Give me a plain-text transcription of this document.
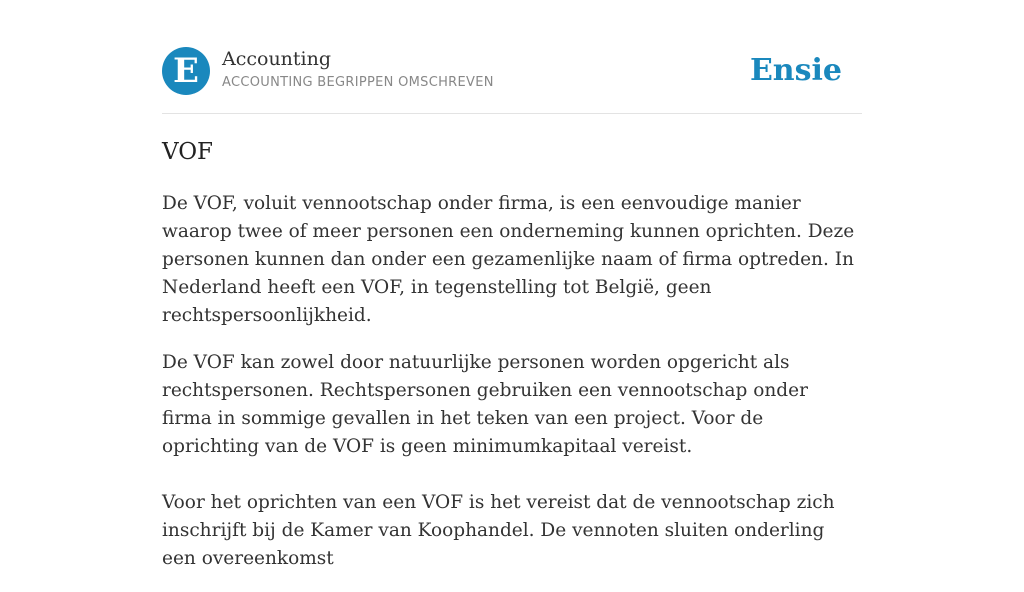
E	Accounting
ACCOUNTING BEGRIPPEN OMSCHREVEN	Ensie
VOF

De VOF, voluit vennootschap onder firma, is een eenvoudige manier waarop twee of meer personen een onderneming kunnen oprichten. Deze personen kunnen dan onder een gezamenlijke naam of firma optreden. In Nederland heeft een VOF, in tegenstelling tot België, geen rechtspersoonlijkheid.

De VOF kan zowel door natuurlijke personen worden opgericht als rechtspersonen. Rechtspersonen gebruiken een vennootschap onder firma in sommige gevallen in het teken van een project. Voor de oprichting van de VOF is geen minimumkapitaal vereist.

Voor het oprichten van een VOF is het vereist dat de vennootschap zich inschrijft bij de Kamer van Koophandel. De vennoten sluiten onderling een overeenkomst
